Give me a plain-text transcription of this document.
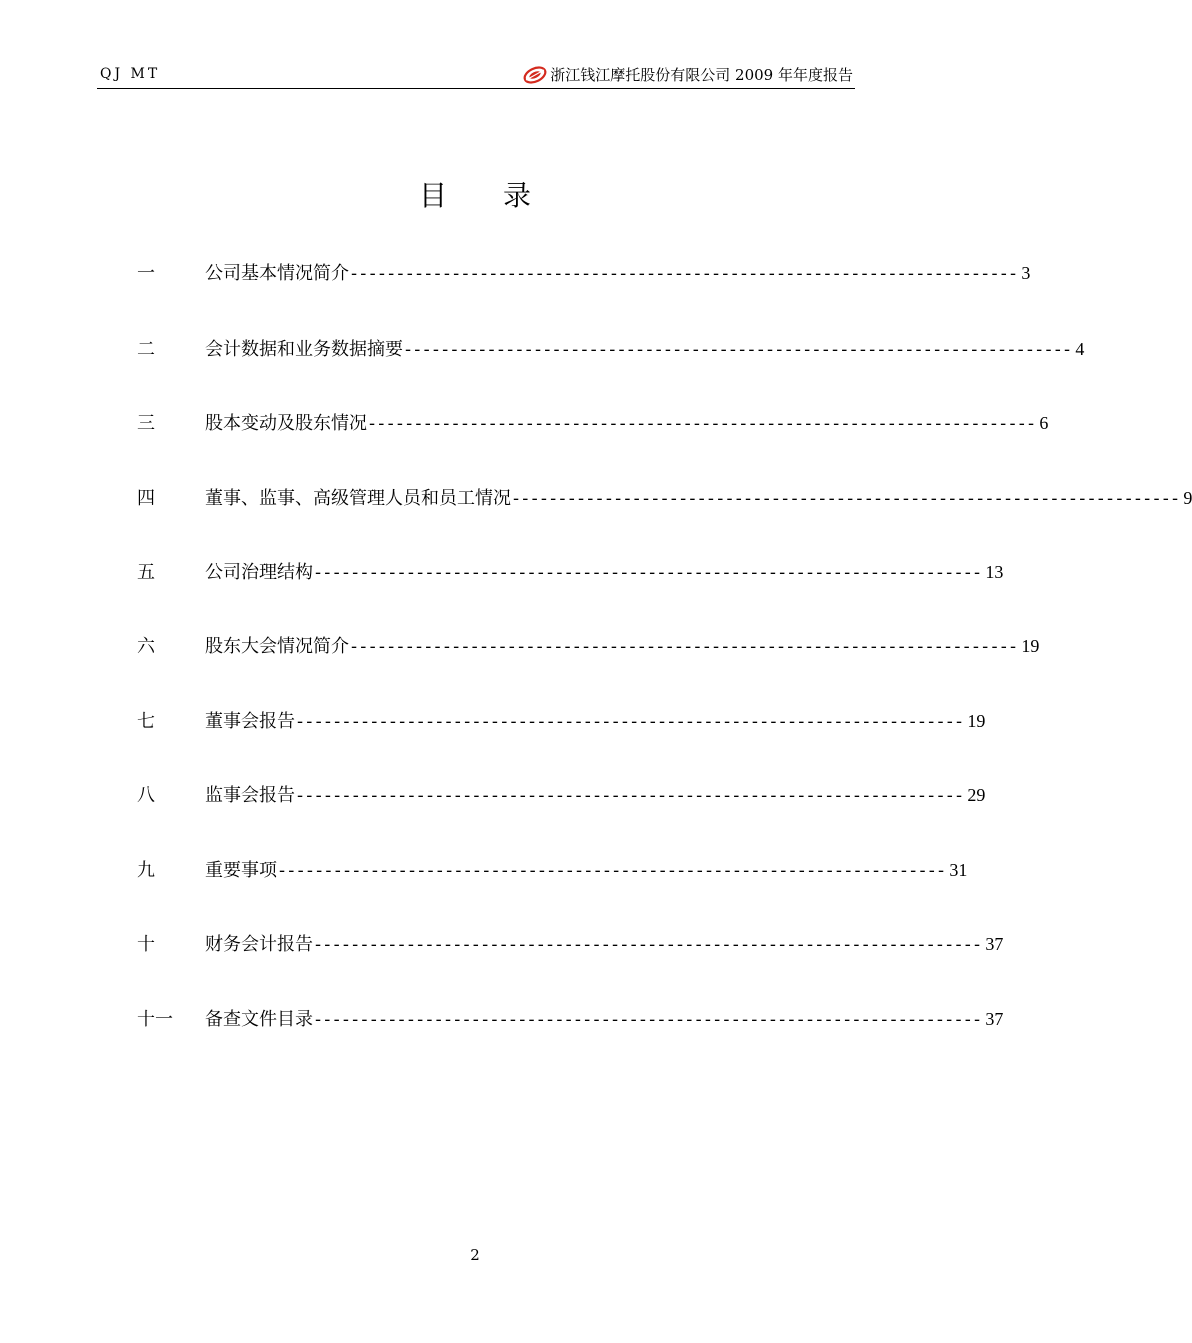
QJ MT	浙江钱江摩托股份有限公司 2009 年年度报告
目 录
一	公司基本情况简介 ------------------------------------------------------------------------ 3
二	会计数据和业务数据摘要 ------------------------------------------------------------------------ 4
三	股本变动及股东情况 ------------------------------------------------------------------------ 6
四	董事、监事、高级管理人员和员工情况 ------------------------------------------------------------------------ 9
五	公司治理结构 ------------------------------------------------------------------------ 13
六	股东大会情况简介 ------------------------------------------------------------------------ 19
七	董事会报告 ------------------------------------------------------------------------ 19
八	监事会报告 ------------------------------------------------------------------------ 29
九	重要事项 ------------------------------------------------------------------------ 31
十	财务会计报告 ------------------------------------------------------------------------ 37
十一	备查文件目录 ------------------------------------------------------------------------ 37
2
